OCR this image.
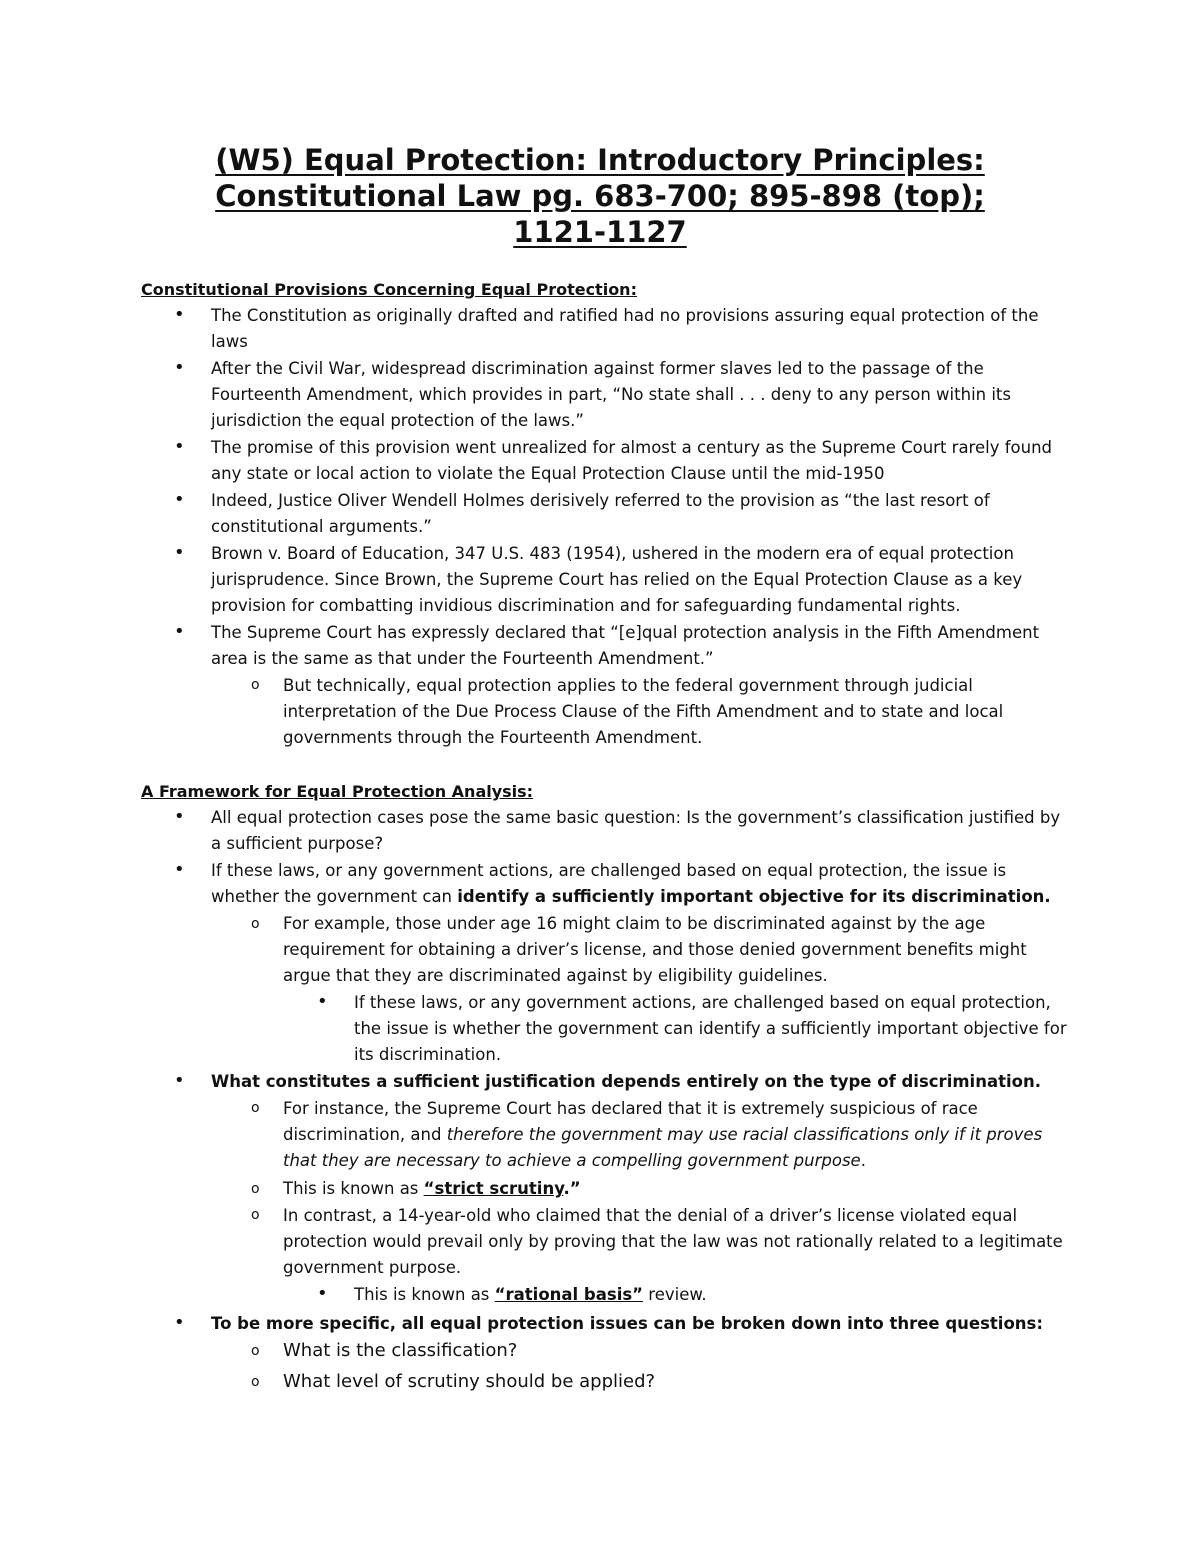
(W5) Equal Protection: Introductory Principles:
Constitutional Law pg. 683-700; 895-898 (top);
1121-1127
Constitutional Provisions Concerning Equal Protection:
• The Constitution as originally drafted and ratified had no provisions assuring equal protection of the laws
• After the Civil War, widespread discrimination against former slaves led to the passage of the Fourteenth Amendment, which provides in part, “No state shall . . . deny to any person within its jurisdiction the equal protection of the laws.”
• The promise of this provision went unrealized for almost a century as the Supreme Court rarely found any state or local action to violate the Equal Protection Clause until the mid-1950
• Indeed, Justice Oliver Wendell Holmes derisively referred to the provision as “the last resort of constitutional arguments.”
• Brown v. Board of Education, 347 U.S. 483 (1954), ushered in the modern era of equal protection jurisprudence. Since Brown, the Supreme Court has relied on the Equal Protection Clause as a key provision for combatting invidious discrimination and for safeguarding fundamental rights.
• The Supreme Court has expressly declared that “[e]qual protection analysis in the Fifth Amendment area is the same as that under the Fourteenth Amendment.”
o But technically, equal protection applies to the federal government through judicial interpretation of the Due Process Clause of the Fifth Amendment and to state and local governments through the Fourteenth Amendment.
A Framework for Equal Protection Analysis:
• All equal protection cases pose the same basic question: Is the government’s classification justified by a sufficient purpose?
• If these laws, or any government actions, are challenged based on equal protection, the issue is whether the government can identify a sufficiently important objective for its discrimination.
o For example, those under age 16 might claim to be discriminated against by the age requirement for obtaining a driver’s license, and those denied government benefits might argue that they are discriminated against by eligibility guidelines.
• If these laws, or any government actions, are challenged based on equal protection, the issue is whether the government can identify a sufficiently important objective for its discrimination.
• What constitutes a sufficient justification depends entirely on the type of discrimination.
o For instance, the Supreme Court has declared that it is extremely suspicious of race discrimination, and therefore the government may use racial classifications only if it proves that they are necessary to achieve a compelling government purpose.
o This is known as “strict scrutiny.”
o In contrast, a 14-year-old who claimed that the denial of a driver’s license violated equal protection would prevail only by proving that the law was not rationally related to a legitimate government purpose.
• This is known as “rational basis” review.
• To be more specific, all equal protection issues can be broken down into three questions:
o What is the classification?
o What level of scrutiny should be applied?
